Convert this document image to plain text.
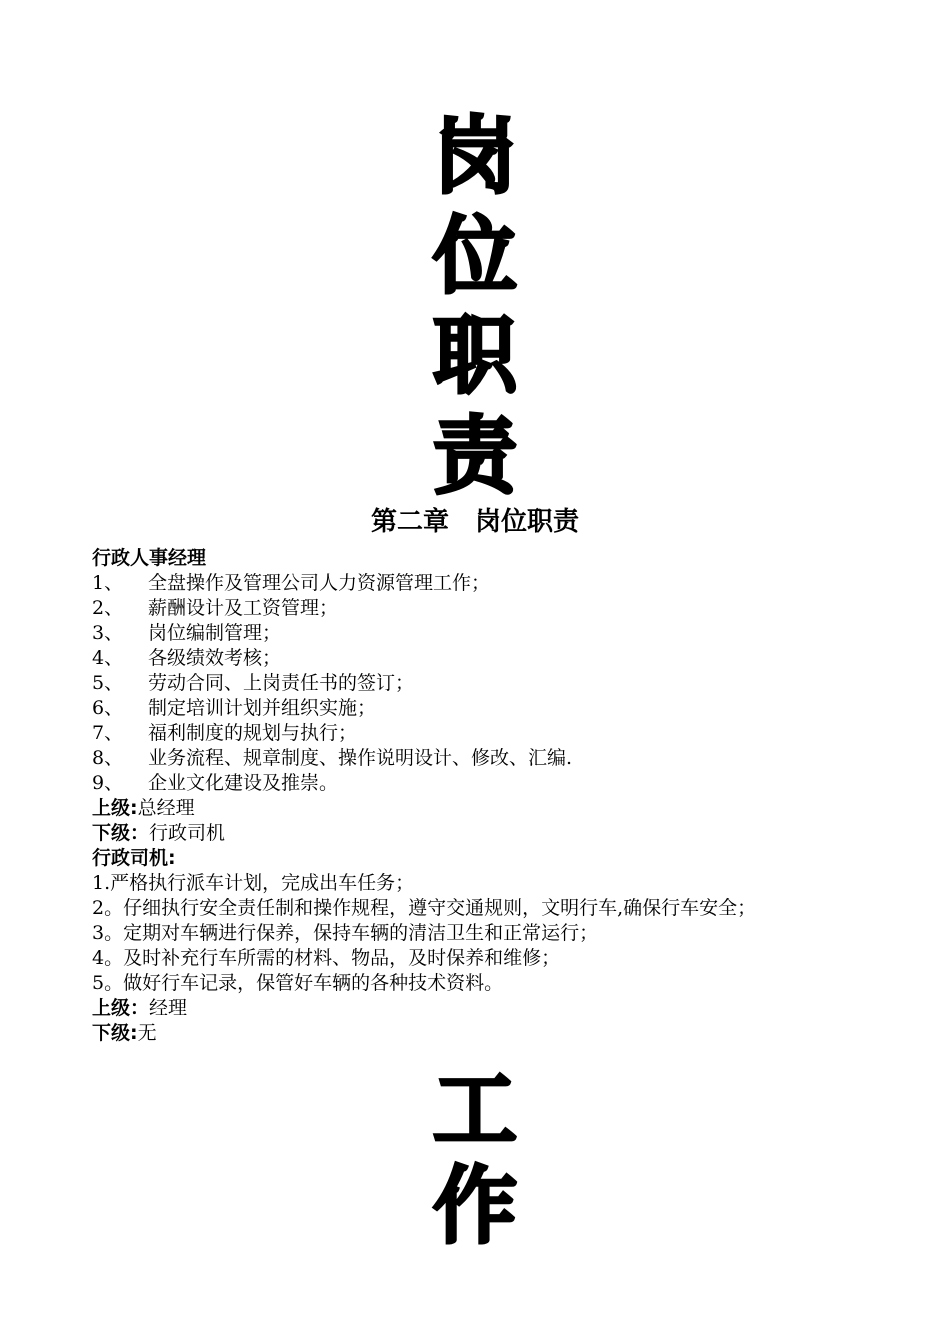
岗
位
职
责
第二章　岗位职责
行政人事经理
1、 全盘操作及管理公司人力资源管理工作；
2、 薪酬设计及工资管理；
3、 岗位编制管理；
4、 各级绩效考核；
5、 劳动合同、上岗责任书的签订；
6、 制定培训计划并组织实施；
7、 福利制度的规划与执行；
8、 业务流程、规章制度、操作说明设计、修改、汇编.
9、 企业文化建设及推崇。
上级:总经理
下级：行政司机
行政司机:
1.严格执行派车计划，完成出车任务；
2。仔细执行安全责任制和操作规程，遵守交通规则，文明行车,确保行车安全；
3。定期对车辆进行保养，保持车辆的清洁卫生和正常运行；
4。及时补充行车所需的材料、物品，及时保养和维修；
5。做好行车记录，保管好车辆的各种技术资料。
上级：经理
下级:无
工
作
